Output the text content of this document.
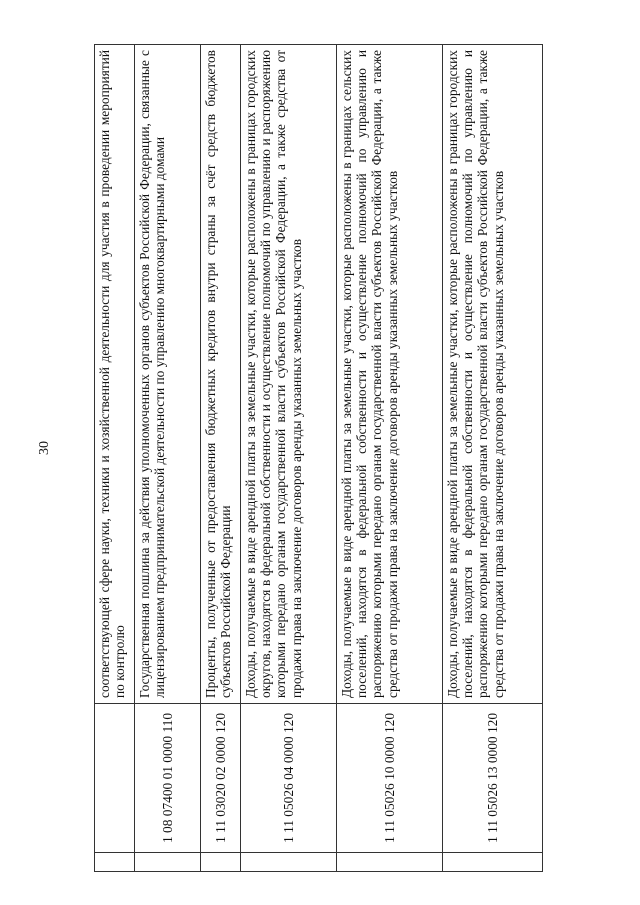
30
			соответствующей сфере науки, техники и хозяйственной деятельности для участия в проведении мероприятий по контролю
	1 08 07400 01 0000 110	Государственная пошлина за действия уполномоченных органов субъектов Российской Федерации, связанные с лицензированием предпринимательской деятельности по управлению многоквартирными домами
	1 11 03020 02 0000 120	Проценты, полученные от предоставления бюджетных кредитов внутри страны за счёт средств бюджетов субъектов Российской Федерации
	1 11 05026 04 0000 120	Доходы, получаемые в виде арендной платы за земельные участки, которые расположены в границах городских округов, находятся в федеральной собственности и осуществление полномочий по управлению и распоряжению которыми передано органам государственной власти субъектов Российской Федерации, а также средства от продажи права на заключение договоров аренды указанных земельных участков
	1 11 05026 10 0000 120	Доходы, получаемые в виде арендной платы за земельные участки, которые расположены в границах сельских поселений, находятся в федеральной собственности и осуществление полномочий по управлению и распоряжению которыми передано органам государственной власти субъектов Российской Федерации, а также средства от продажи права на заключение договоров аренды указанных земельных участков
	1 11 05026 13 0000 120	Доходы, получаемые в виде арендной платы за земельные участки, которые расположены в границах городских поселений, находятся в федеральной собственности и осуществление полномочий по управлению и распоряжению которыми передано органам государственной власти субъектов Российской Федерации, а также средства от продажи права на заключение договоров аренды указанных земельных участков
